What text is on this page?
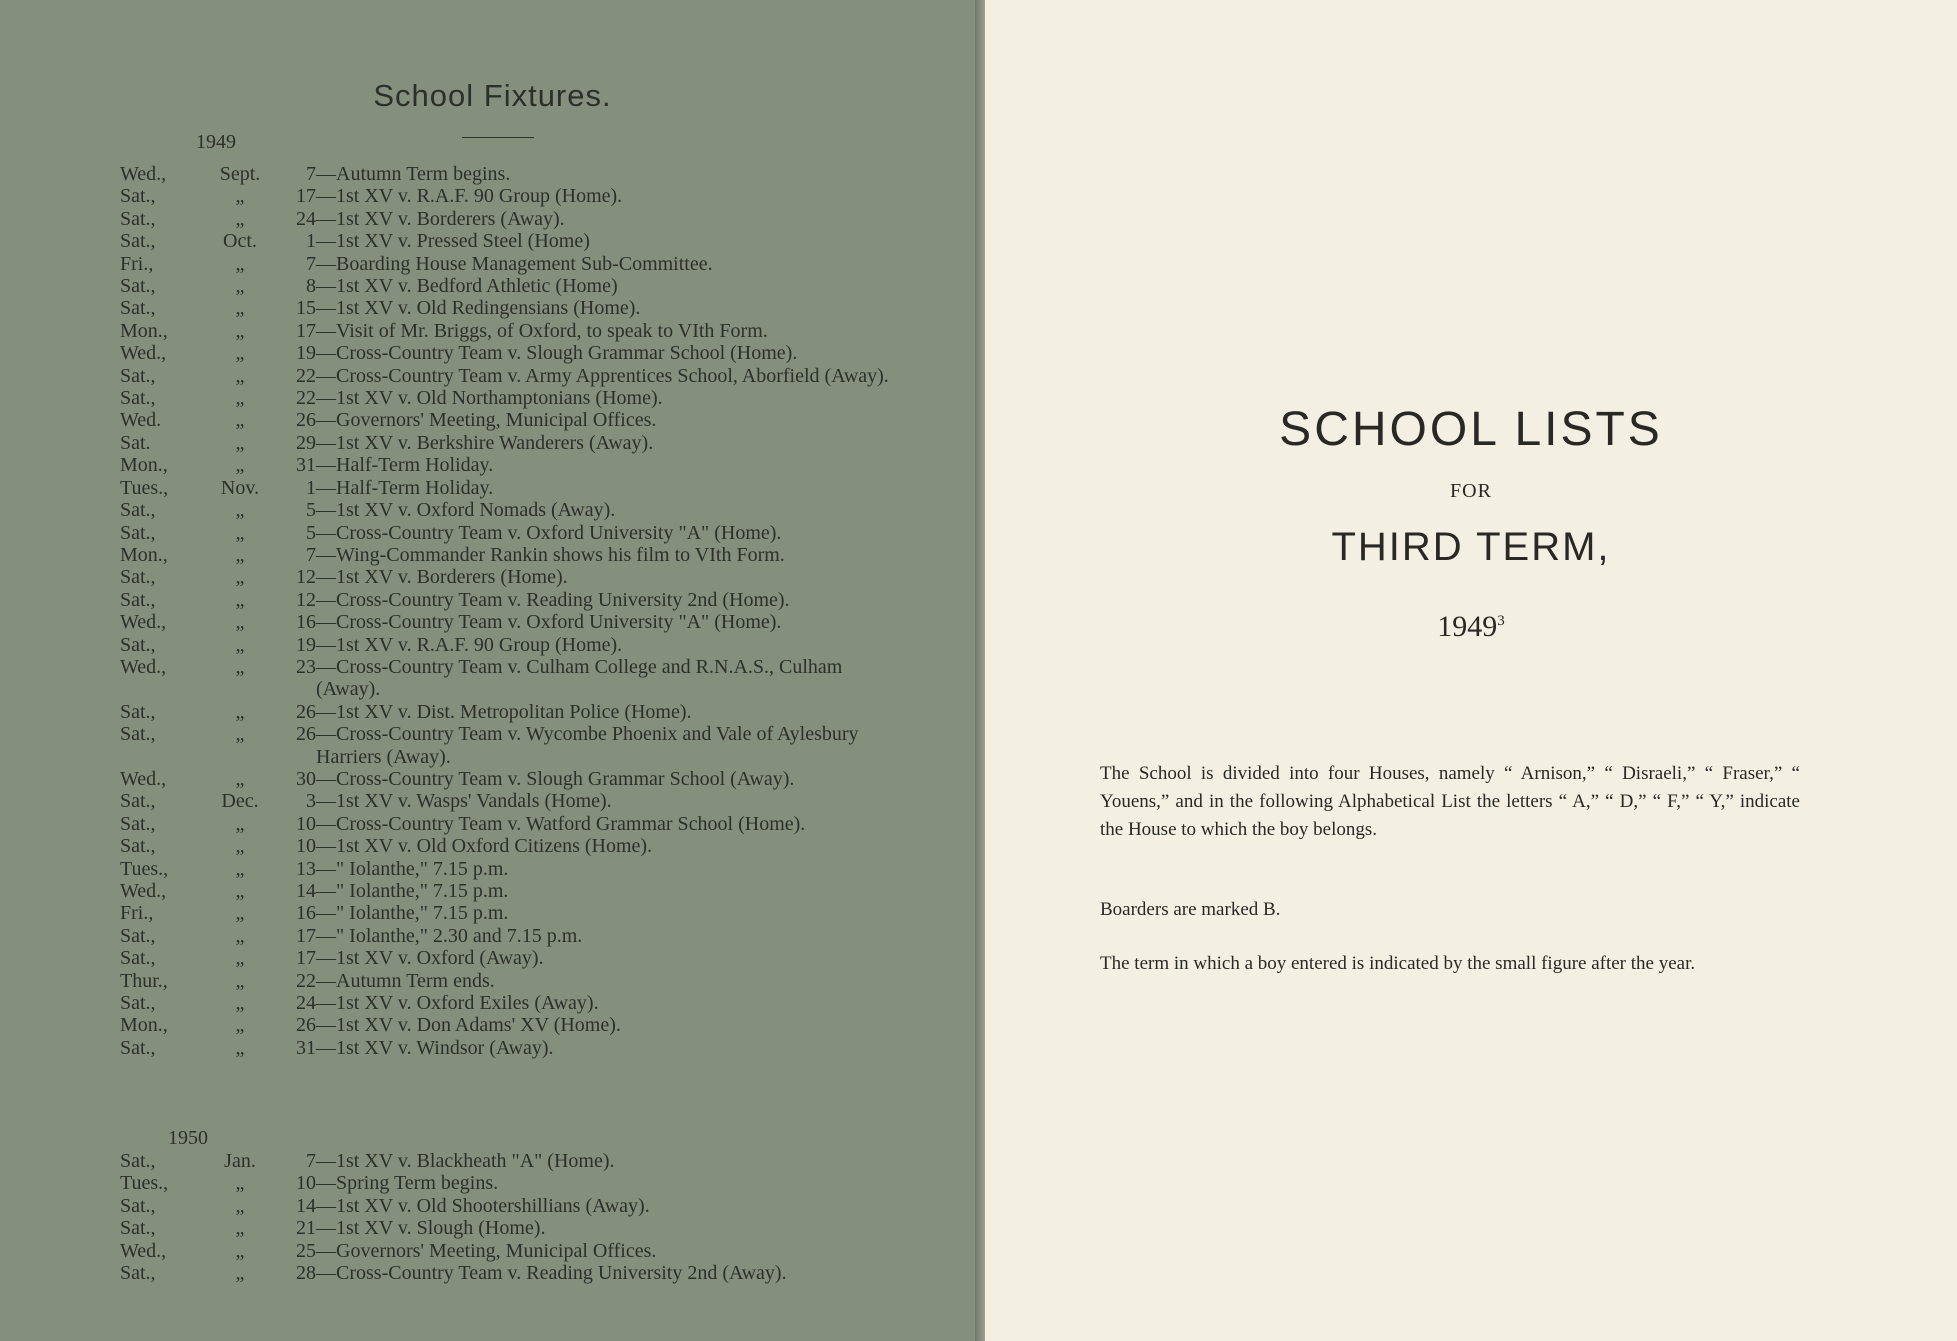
School Fixtures.
1949
Wed.,	Sept.	7 —Autumn Term begins.
Sat.,	„	17 —1st XV v. R.A.F. 90 Group (Home).
Sat.,	„	24 —1st XV v. Borderers (Away).
Sat.,	Oct.	1 —1st XV v. Pressed Steel (Home)
Fri.,	„	7 —Boarding House Management Sub-Committee.
Sat.,	„	8 —1st XV v. Bedford Athletic (Home)
Sat.,	„	15 —1st XV v. Old Redingensians (Home).
Mon.,	„	17 —Visit of Mr. Briggs, of Oxford, to speak to VIth Form.
Wed.,	„	19 —Cross-Country Team v. Slough Grammar School (Home).
Sat.,	„	22 —Cross-Country Team v. Army Apprentices School, Aborfield (Away).
Sat.,	„	22 —1st XV v. Old Northamptonians (Home).
Wed.	„	26 —Governors' Meeting, Municipal Offices.
Sat.	„	29 —1st XV v. Berkshire Wanderers (Away).
Mon.,	„	31 —Half-Term Holiday.
Tues.,	Nov.	1 —Half-Term Holiday.
Sat.,	„	5 —1st XV v. Oxford Nomads (Away).
Sat.,	„	5 —Cross-Country Team v. Oxford University "A" (Home).
Mon.,	„	7 —Wing-Commander Rankin shows his film to VIth Form.
Sat.,	„	12 —1st XV v. Borderers (Home).
Sat.,	„	12 —Cross-Country Team v. Reading University 2nd (Home).
Wed.,	„	16 —Cross-Country Team v. Oxford University "A" (Home).
Sat.,	„	19 —1st XV v. R.A.F. 90 Group (Home).
Wed.,	„	23 —Cross-Country Team v. Culham College and R.N.A.S., Culham (Away).
Sat.,	„	26 —1st XV v. Dist. Metropolitan Police (Home).
Sat.,	„	26 —Cross-Country Team v. Wycombe Phoenix and Vale of Aylesbury Harriers (Away).
Wed.,	„	30 —Cross-Country Team v. Slough Grammar School (Away).
Sat.,	Dec.	3 —1st XV v. Wasps' Vandals (Home).
Sat.,	„	10 —Cross-Country Team v. Watford Grammar School (Home).
Sat.,	„	10 —1st XV v. Old Oxford Citizens (Home).
Tues.,	„	13 —" Iolanthe," 7.15 p.m.
Wed.,	„	14 —" Iolanthe," 7.15 p.m.
Fri.,	„	16 —" Iolanthe," 7.15 p.m.
Sat.,	„	17 —" Iolanthe," 2.30 and 7.15 p.m.
Sat.,	„	17 —1st XV v. Oxford (Away).
Thur.,	„	22 —Autumn Term ends.
Sat.,	„	24 —1st XV v. Oxford Exiles (Away).
Mon.,	„	26 —1st XV v. Don Adams' XV (Home).
Sat.,	„	31 —1st XV v. Windsor (Away).
1950
Sat.,	Jan.	7 —1st XV v. Blackheath "A" (Home).
Tues.,	„	10 —Spring Term begins.
Sat.,	„	14 —1st XV v. Old Shootershillians (Away).
Sat.,	„	21 —1st XV v. Slough (Home).
Wed.,	„	25 —Governors' Meeting, Municipal Offices.
Sat.,	„	28 —Cross-Country Team v. Reading University 2nd (Away).
SCHOOL LISTS
FOR
THIRD TERM,
1949$^3$
The School is divided into four Houses, namely “ Arnison,” “ Disraeli,” “ Fraser,” “ Youens,” and in the following Alphabetical List the letters “ A,” “ D,” “ F,” “ Y,” indicate the House to which the boy belongs.
Boarders are marked B.
The term in which a boy entered is indicated by the small figure after the year.
